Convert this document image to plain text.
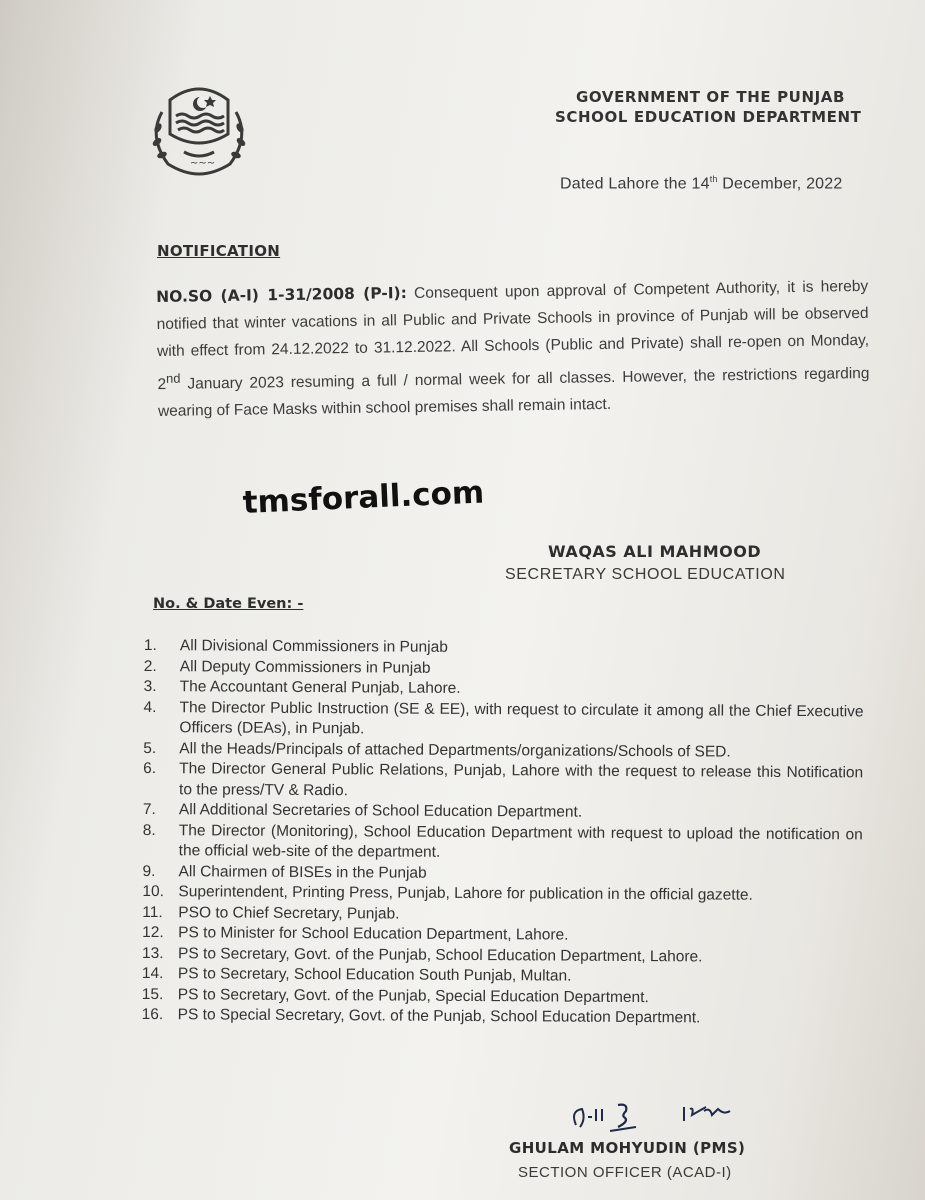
~~~
GOVERNMENT OF THE PUNJAB
SCHOOL EDUCATION DEPARTMENT
Dated Lahore the 14th December, 2022
NOTIFICATION
NO.SO (A-I) 1-31/2008 (P-I): Consequent upon approval of Competent Authority, it is hereby notified that winter vacations in all Public and Private Schools in province of Punjab will be observed with effect from 24.12.2022 to 31.12.2022. All Schools (Public and Private) shall re-open on Monday, 2nd January 2023 resuming a full / normal week for all classes. However, the restrictions regarding wearing of Face Masks within school premises shall remain intact.
tmsforall.com
WAQAS ALI MAHMOOD
SECRETARY SCHOOL EDUCATION
No. & Date Even: -
1.	All Divisional Commissioners in Punjab
2.	All Deputy Commissioners in Punjab
3.	The Accountant General Punjab, Lahore.
4.	The Director Public Instruction (SE & EE), with request to circulate it among all the Chief Executive Officers (DEAs), in Punjab.
5.	All the Heads/Principals of attached Departments/organizations/Schools of SED.
6.	The Director General Public Relations, Punjab, Lahore with the request to release this Notification to the press/TV & Radio.
7.	All Additional Secretaries of School Education Department.
8.	The Director (Monitoring), School Education Department with request to upload the notification on the official web-site of the department.
9.	All Chairmen of BISEs in the Punjab
10. Superintendent, Printing Press, Punjab, Lahore for publication in the official gazette.
11. PSO to Chief Secretary, Punjab.
12. PS to Minister for School Education Department, Lahore.
13. PS to Secretary, Govt. of the Punjab, School Education Department, Lahore.
14. PS to Secretary, School Education South Punjab, Multan.
15. PS to Secretary, Govt. of the Punjab, Special Education Department.
16. PS to Special Secretary, Govt. of the Punjab, School Education Department.
GHULAM MOHYUDIN (PMS)
SECTION OFFICER (ACAD-I)
